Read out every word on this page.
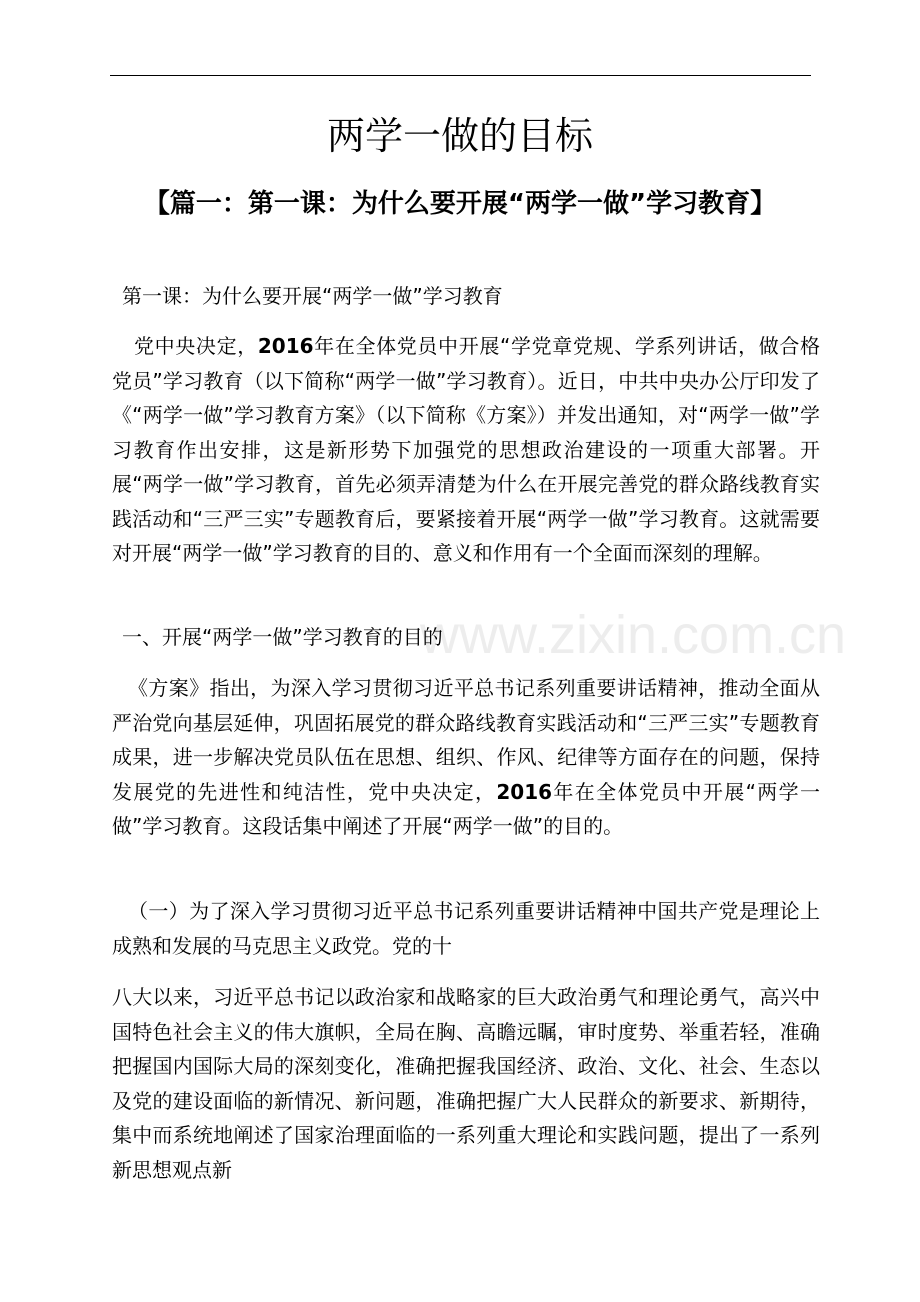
www.zixin.com.cn
两学一做的目标
【篇一：第一课：为什么要开展“两学一做”学习教育】

第一课：为什么要开展“两学一做”学习教育

党中央决定，2016年在全体党员中开展“学党章党规、学系列讲话，做合格党员”学习教育（以下简称“两学一做”学习教育）。近日，中共中央办公厅印发了《“两学一做”学习教育方案》（以下简称《方案》）并发出通知，对“两学一做”学习教育作出安排，这是新形势下加强党的思想政治建设的一项重大部署。开展“两学一做”学习教育，首先必须弄清楚为什么在开展完善党的群众路线教育实践活动和“三严三实”专题教育后，要紧接着开展“两学一做”学习教育。这就需要对开展“两学一做”学习教育的目的、意义和作用有一个全面而深刻的理解。

一、开展“两学一做”学习教育的目的

《方案》指出，为深入学习贯彻习近平总书记系列重要讲话精神，推动全面从严治党向基层延伸，巩固拓展党的群众路线教育实践活动和“三严三实”专题教育成果，进一步解决党员队伍在思想、组织、作风、纪律等方面存在的问题，保持发展党的先进性和纯洁性，党中央决定，2016年在全体党员中开展“两学一做”学习教育。这段话集中阐述了开展“两学一做”的目的。

（一）为了深入学习贯彻习近平总书记系列重要讲话精神中国共产党是理论上成熟和发展的马克思主义政党。党的十

八大以来，习近平总书记以政治家和战略家的巨大政治勇气和理论勇气，高兴中国特色社会主义的伟大旗帜，全局在胸、高瞻远瞩，审时度势、举重若轻，准确把握国内国际大局的深刻变化，准确把握我国经济、政治、文化、社会、生态以及党的建设面临的新情况、新问题，准确把握广大人民群众的新要求、新期待，集中而系统地阐述了国家治理面临的一系列重大理论和实践问题，提出了一系列新思想观点新
